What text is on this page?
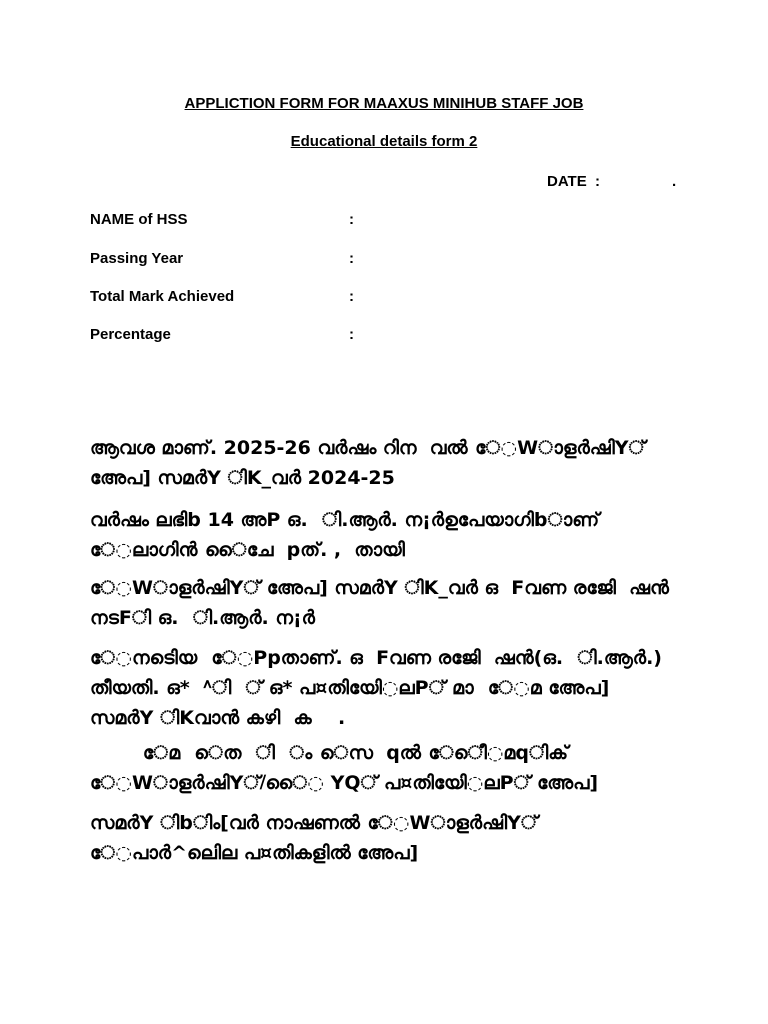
APPLICTION FORM FOR MAAXUS MINIHUB STAFF JOB
Educational details form 2
DATE  :	.
NAME of HSS	:
Passing Year	:
Total Mark Achieved	:
Percentage	:
ആവശ മാണ്. 2025-26 വർഷം റിന  വൽ േ◌WാളർഷിY്
അേപ] സമർY ിK_വർ 2024-25
വർഷം ലഭിb 14 അP ഒ.  ി.ആർ. ന¡ർഉപേയാഗിbാണ്
േ◌ലാഗിൻ ൈചേ  pത്. ,  തായി
േ◌WാളർഷിY് അേപ] സമർY ിK_വർ ഒ  Fവണ രജിേ  ഷൻ
നടFി ഒ.  ി.ആർ. ന¡ർ
േ◌നടിെയ  േ◌Ppതാണ്. ഒ  Fവണ രജിേ  ഷൻ(ഒ.  ി.ആർ.)
തീയതി. ഒ*  ^ി  ് ഒ* പ¤തിയിേ◌ലP് മാ  േ◌മ അേപ]
സമർY ിKവാൻ കഴി  ക    .
േമ  െത  ി  ം െസ  qൽ േ◌ീെ◌മqിക്
േ◌WാളർഷിY്/ൈ◌ YQ് പ¤തിയിേ◌ലP് അേപ]
സമർY ിbിം[വർ നാഷണൽ േ◌WാളർഷിY്
േ◌പാർ^ലിെല പ¤തികളിൽ അേപ]
